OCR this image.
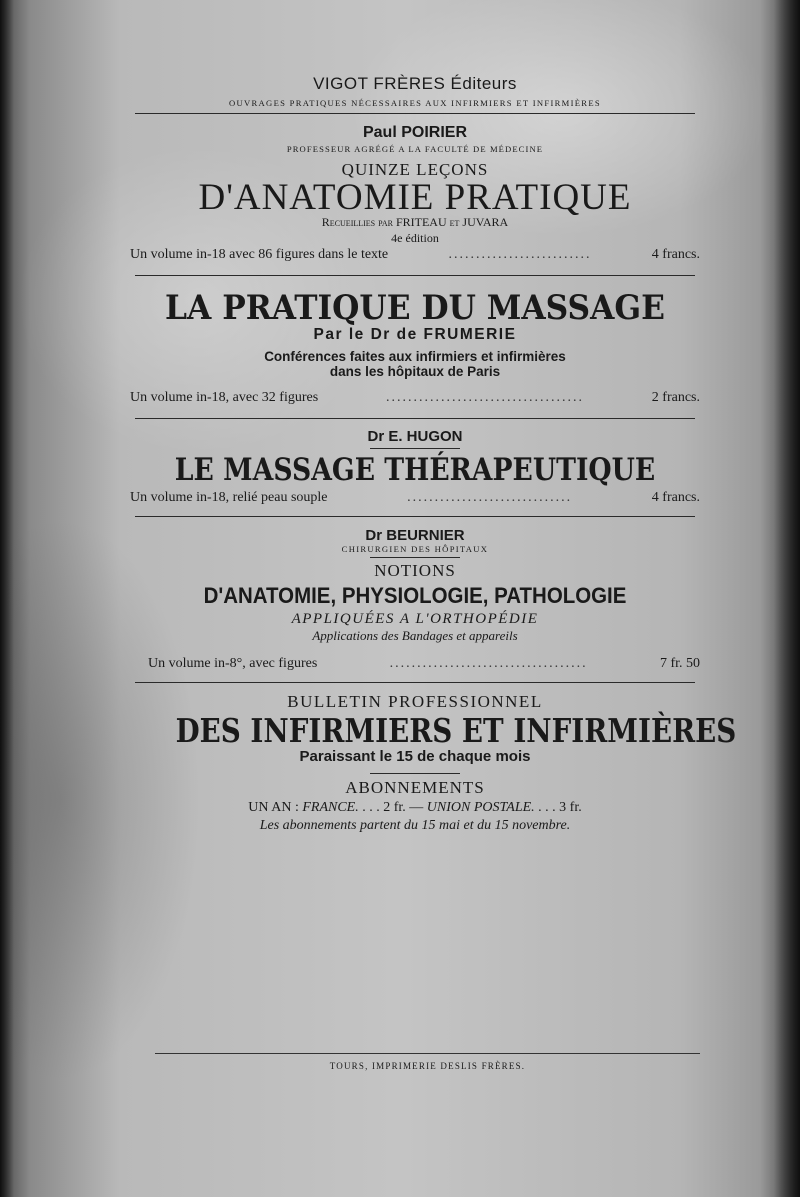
VIGOT FRÈRES Éditeurs
OUVRAGES PRATIQUES NÉCESSAIRES AUX INFIRMIERS ET INFIRMIÈRES
Paul POIRIER
PROFESSEUR AGRÉGÉ A LA FACULTÉ DE MÉDECINE
QUINZE LEÇONS
D'ANATOMIE PRATIQUE
Recueillies par FRITEAU et JUVARA
4e édition
Un volume in-18 avec 86 figures dans le texte	..........................	4 francs.
LA PRATIQUE DU MASSAGE
Par le Dr de FRUMERIE
Conférences faites aux infirmiers et infirmières
dans les hôpitaux de Paris
Un volume in-18, avec 32 figures	....................................	2 francs.
Dr E. HUGON
LE MASSAGE THÉRAPEUTIQUE
Un volume in-18, relié peau souple	..............................	4 francs.
Dr BEURNIER
CHIRURGIEN DES HÔPITAUX
NOTIONS
D'ANATOMIE, PHYSIOLOGIE, PATHOLOGIE
APPLIQUÉES A L'ORTHOPÉDIE
Applications des Bandages et appareils
Un volume in-8°, avec figures	....................................	7 fr. 50
BULLETIN PROFESSIONNEL
DES INFIRMIERS ET INFIRMIÈRES
Paraissant le 15 de chaque mois
ABONNEMENTS
UN AN : FRANCE. . . . 2 fr. — UNION POSTALE. . . . 3 fr.
Les abonnements partent du 15 mai et du 15 novembre.
TOURS, IMPRIMERIE DESLIS FRÈRES.
